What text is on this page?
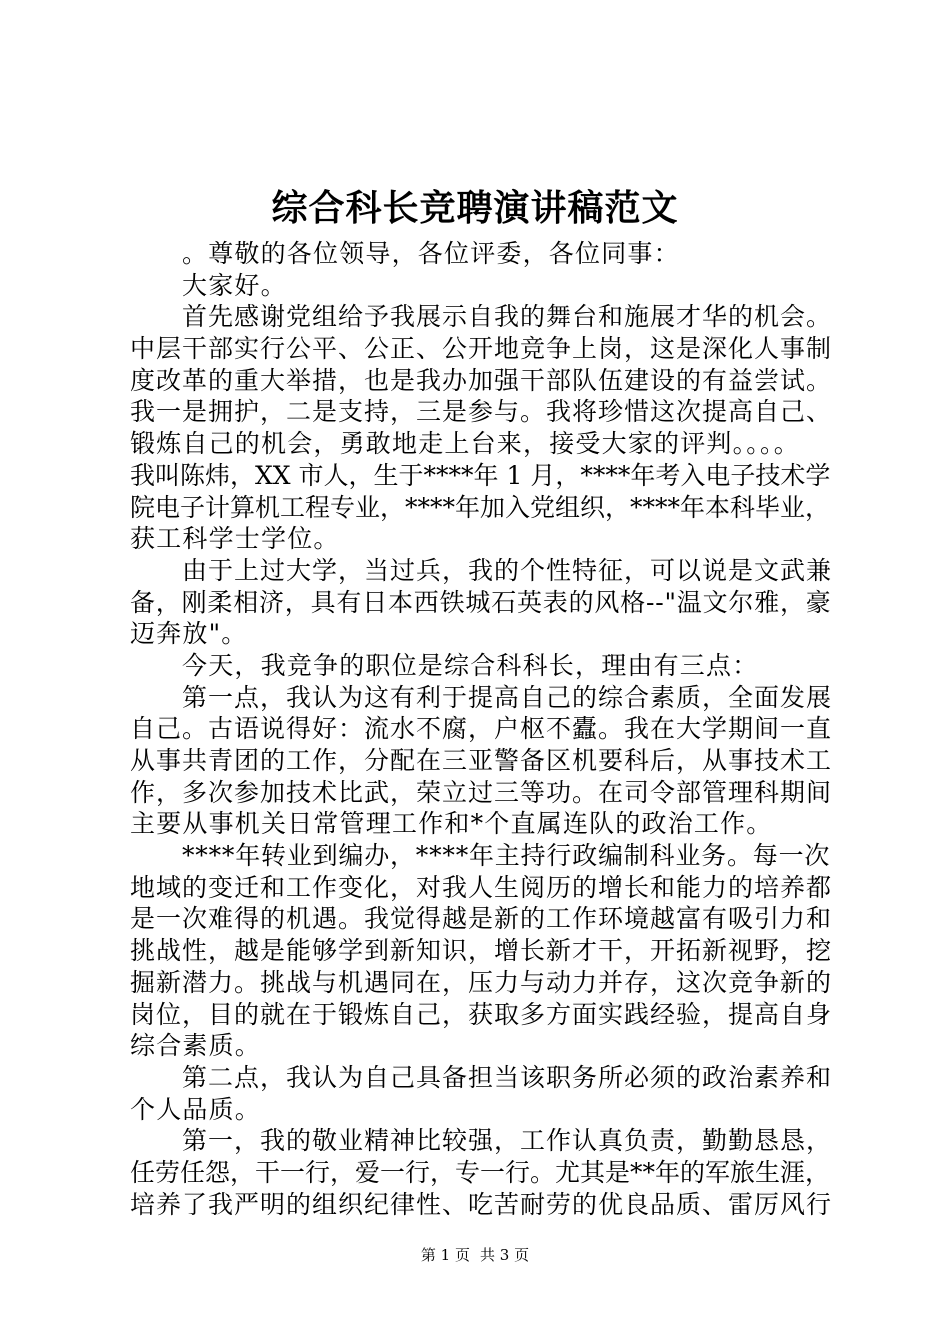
综合科长竞聘演讲稿范文
。尊敬的各位领导，各位评委，各位同事：
大家好。
首先感谢党组给予我展示自我的舞台和施展才华的机会。
中层干部实行公平、公正、公开地竞争上岗，这是深化人事制
度改革的重大举措，也是我办加强干部队伍建设的有益尝试。
我一是拥护，二是支持，三是参与。我将珍惜这次提高自己、
锻炼自己的机会，勇敢地走上台来，接受大家的评判。。。。
我叫陈炜，XX 市人，生于****年 1 月，****年考入电子技术学
院电子计算机工程专业，****年加入党组织，****年本科毕业，
获工科学士学位。
由于上过大学，当过兵，我的个性特征，可以说是文武兼
备，刚柔相济，具有日本西铁城石英表的风格--"温文尔雅，豪
迈奔放"。
今天，我竞争的职位是综合科科长，理由有三点：
第一点，我认为这有利于提高自己的综合素质，全面发展
自己。古语说得好：流水不腐，户枢不蠹。我在大学期间一直
从事共青团的工作，分配在三亚警备区机要科后，从事技术工
作，多次参加技术比武，荣立过三等功。在司令部管理科期间
主要从事机关日常管理工作和*个直属连队的政治工作。
****年转业到编办，****年主持行政编制科业务。每一次
地域的变迁和工作变化，对我人生阅历的增长和能力的培养都
是一次难得的机遇。我觉得越是新的工作环境越富有吸引力和
挑战性，越是能够学到新知识，增长新才干，开拓新视野，挖
掘新潜力。挑战与机遇同在，压力与动力并存，这次竞争新的
岗位，目的就在于锻炼自己，获取多方面实践经验，提高自身
综合素质。
第二点，我认为自己具备担当该职务所必须的政治素养和
个人品质。
第一，我的敬业精神比较强，工作认真负责，勤勤恳恳，
任劳任怨，干一行，爱一行，专一行。尤其是**年的军旅生涯，
培养了我严明的组织纪律性、吃苦耐劳的优良品质、雷厉风行
第 1 页 共 3 页
